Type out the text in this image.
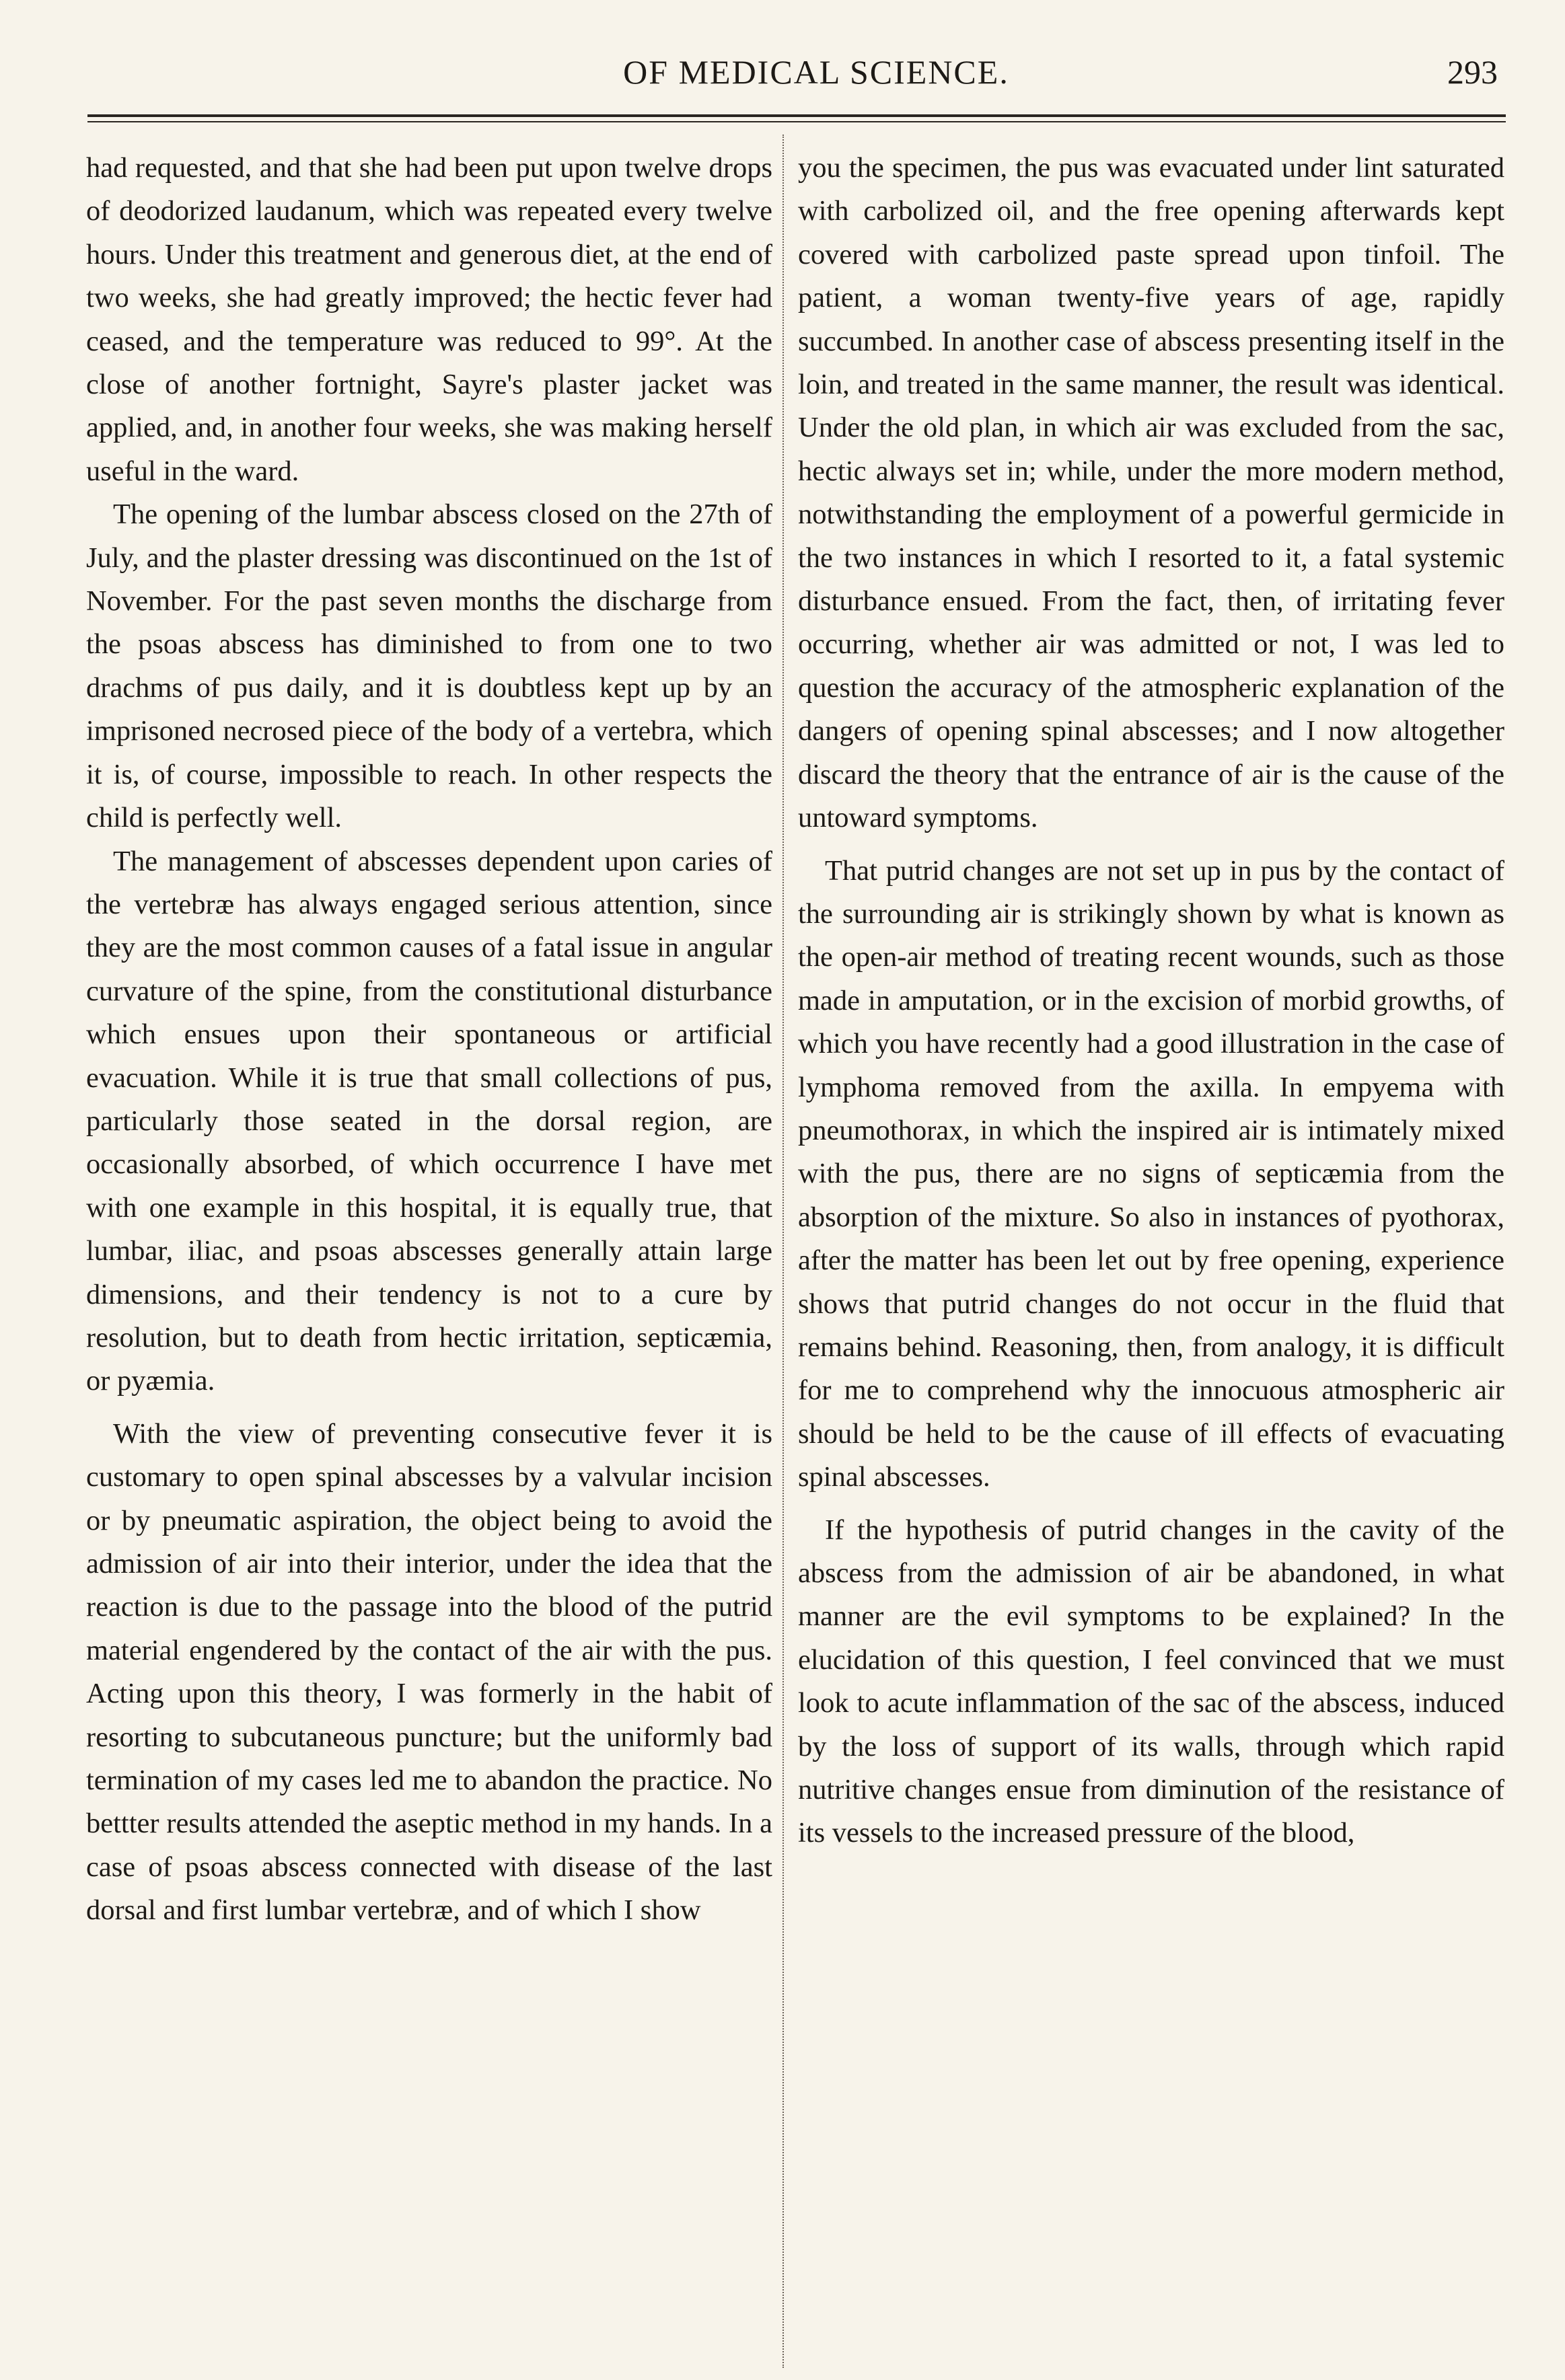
OF MEDICAL SCIENCE.	293

had requested, and that she had been put upon twelve drops of deodorized laudanum, which was repeated every twelve hours. Under this treatment and generous diet, at the end of two weeks, she had greatly improved; the hectic fever had ceased, and the temperature was reduced to 99°. At the close of another fortnight, Sayre's plaster jacket was applied, and, in another four weeks, she was making herself useful in the ward.

The opening of the lumbar abscess closed on the 27th of July, and the plaster dressing was discontinued on the 1st of November. For the past seven months the discharge from the psoas abscess has diminished to from one to two drachms of pus daily, and it is doubtless kept up by an imprisoned necrosed piece of the body of a vertebra, which it is, of course, impossible to reach. In other respects the child is perfectly well.

The management of abscesses dependent upon caries of the vertebræ has always engaged serious attention, since they are the most common causes of a fatal issue in angular curvature of the spine, from the constitutional disturbance which ensues upon their spontaneous or artificial evacuation. While it is true that small collections of pus, particularly those seated in the dorsal region, are occasionally absorbed, of which occurrence I have met with one example in this hospital, it is equally true, that lumbar, iliac, and psoas abscesses generally attain large dimensions, and their tendency is not to a cure by resolution, but to death from hectic irritation, septicæmia, or pyæmia.

With the view of preventing consecutive fever it is customary to open spinal abscesses by a valvular incision or by pneumatic aspiration, the object being to avoid the admission of air into their interior, under the idea that the reaction is due to the passage into the blood of the putrid material engendered by the contact of the air with the pus. Acting upon this theory, I was formerly in the habit of resorting to subcutaneous puncture; but the uniformly bad termination of my cases led me to abandon the practice. No bettter results attended the aseptic method in my hands. In a case of psoas abscess connected with disease of the last dorsal and first lumbar vertebræ, and of which I show

you the specimen, the pus was evacuated under lint saturated with carbolized oil, and the free opening afterwards kept covered with carbolized paste spread upon tinfoil. The patient, a woman twenty-five years of age, rapidly succumbed. In another case of abscess presenting itself in the loin, and treated in the same manner, the result was identical. Under the old plan, in which air was excluded from the sac, hectic always set in; while, under the more modern method, notwithstanding the employment of a powerful germicide in the two instances in which I resorted to it, a fatal systemic disturbance ensued. From the fact, then, of irritating fever occurring, whether air was admitted or not, I was led to question the accuracy of the atmospheric explanation of the dangers of opening spinal abscesses; and I now altogether discard the theory that the entrance of air is the cause of the untoward symptoms.

That putrid changes are not set up in pus by the contact of the surrounding air is strikingly shown by what is known as the open-air method of treating recent wounds, such as those made in amputation, or in the excision of morbid growths, of which you have recently had a good illustration in the case of lymphoma removed from the axilla. In empyema with pneumothorax, in which the inspired air is intimately mixed with the pus, there are no signs of septicæmia from the absorption of the mixture. So also in instances of pyothorax, after the matter has been let out by free opening, experience shows that putrid changes do not occur in the fluid that remains behind. Reasoning, then, from analogy, it is difficult for me to comprehend why the innocuous atmospheric air should be held to be the cause of ill effects of evacuating spinal abscesses.

If the hypothesis of putrid changes in the cavity of the abscess from the admission of air be abandoned, in what manner are the evil symptoms to be explained? In the elucidation of this question, I feel convinced that we must look to acute inflammation of the sac of the abscess, induced by the loss of support of its walls, through which rapid nutritive changes ensue from diminution of the resistance of its vessels to the increased pressure of the blood,
